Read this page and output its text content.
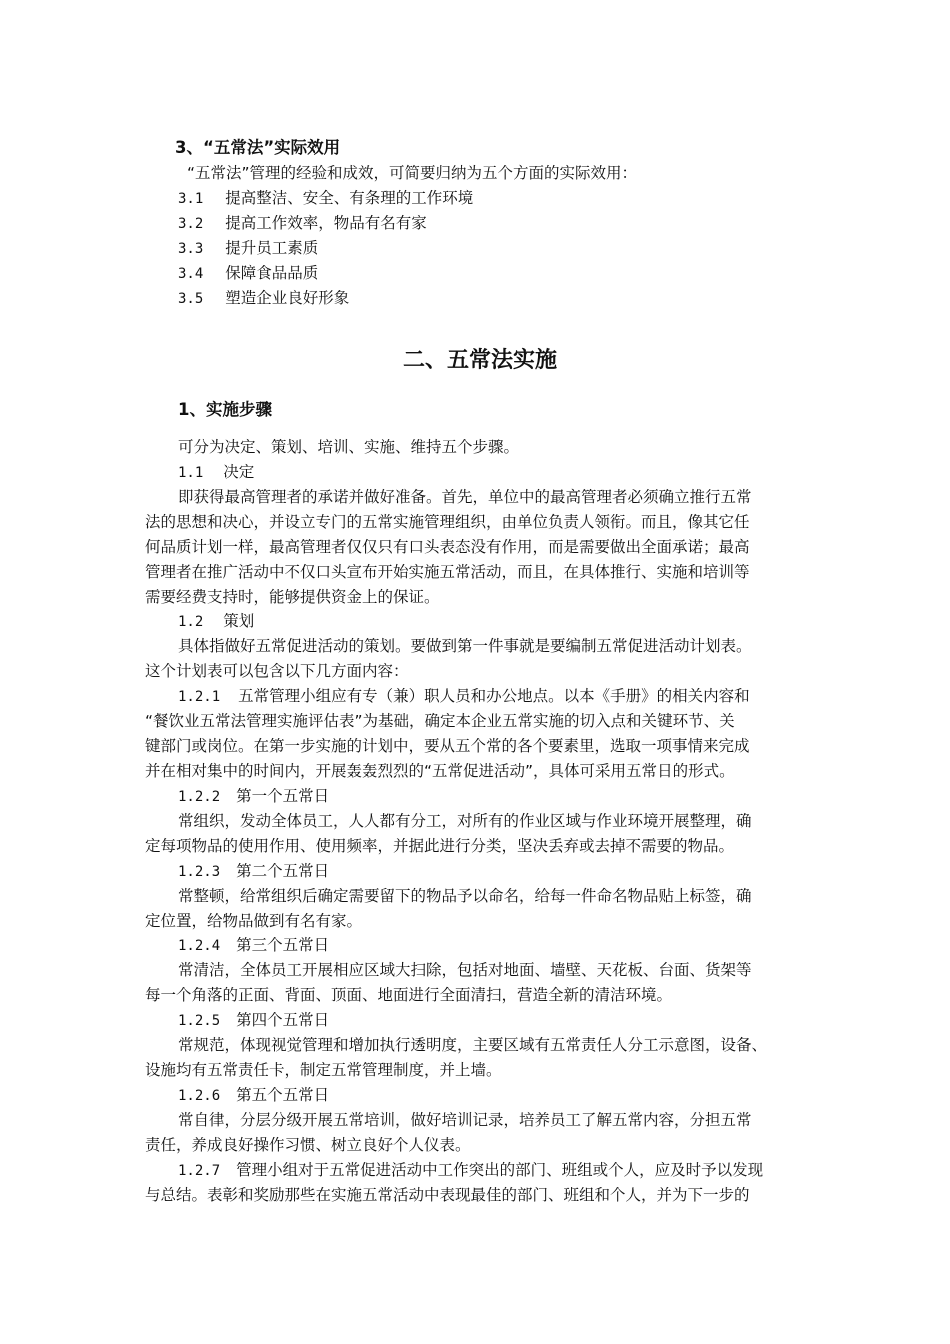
3、“五常法”实际效用
“五常法”管理的经验和成效，可简要归纳为五个方面的实际效用：
3.1 提高整洁、安全、有条理的工作环境
3.2 提高工作效率，物品有名有家
3.3 提升员工素质
3.4 保障食品品质
3.5 塑造企业良好形象
二、五常法实施
1、实施步骤
可分为决定、策划、培训、实施、维持五个步骤。
1.1 决定
即获得最高管理者的承诺并做好准备。首先，单位中的最高管理者必须确立推行五常
法的思想和决心，并设立专门的五常实施管理组织，由单位负责人领衔。而且，像其它任
何品质计划一样，最高管理者仅仅只有口头表态没有作用，而是需要做出全面承诺；最高
管理者在推广活动中不仅口头宣布开始实施五常活动，而且，在具体推行、实施和培训等
需要经费支持时，能够提供资金上的保证。
1.2 策划
具体指做好五常促进活动的策划。要做到第一件事就是要编制五常促进活动计划表。
这个计划表可以包含以下几方面内容：
1.2.1 五常管理小组应有专（兼）职人员和办公地点。以本《手册》的相关内容和
“餐饮业五常法管理实施评估表”为基础，确定本企业五常实施的切入点和关键环节、关
键部门或岗位。在第一步实施的计划中，要从五个常的各个要素里，选取一项事情来完成
并在相对集中的时间内，开展轰轰烈烈的“五常促进活动”，具体可采用五常日的形式。
1.2.2 第一个五常日
常组织，发动全体员工，人人都有分工，对所有的作业区域与作业环境开展整理，确
定每项物品的使用作用、使用频率，并据此进行分类，坚决丢弃或去掉不需要的物品。
1.2.3 第二个五常日
常整顿，给常组织后确定需要留下的物品予以命名，给每一件命名物品贴上标签，确
定位置，给物品做到有名有家。
1.2.4 第三个五常日
常清洁，全体员工开展相应区域大扫除，包括对地面、墙壁、天花板、台面、货架等
每一个角落的正面、背面、顶面、地面进行全面清扫，营造全新的清洁环境。
1.2.5 第四个五常日
常规范，体现视觉管理和增加执行透明度，主要区域有五常责任人分工示意图，设备、
设施均有五常责任卡，制定五常管理制度，并上墙。
1.2.6 第五个五常日
常自律，分层分级开展五常培训，做好培训记录，培养员工了解五常内容，分担五常
责任，养成良好操作习惯、树立良好个人仪表。
1.2.7 管理小组对于五常促进活动中工作突出的部门、班组或个人，应及时予以发现
与总结。表彰和奖励那些在实施五常活动中表现最佳的部门、班组和个人，并为下一步的
